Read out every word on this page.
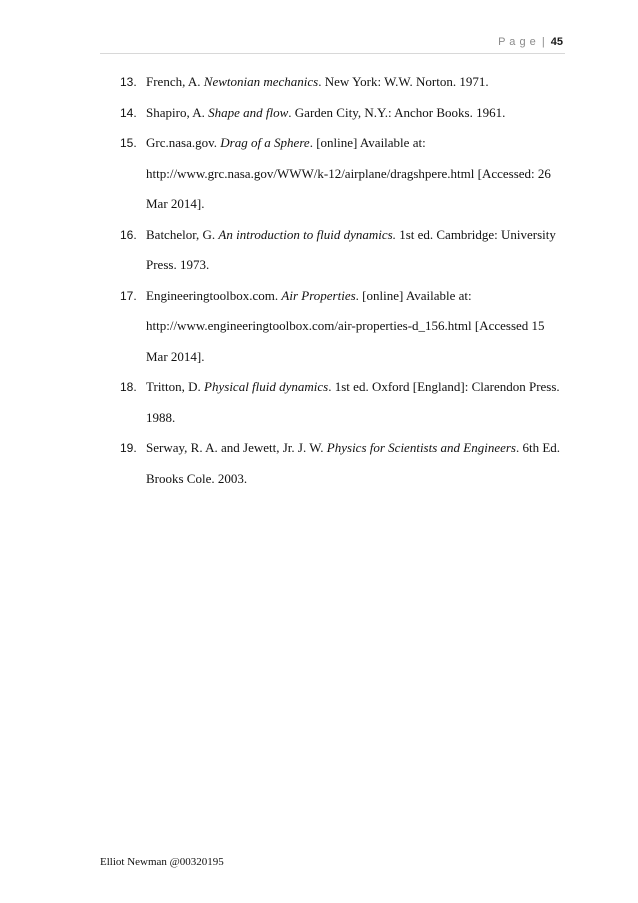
P a g e | 45
13. French, A. Newtonian mechanics. New York: W.W. Norton. 1971.
14. Shapiro, A. Shape and flow. Garden City, N.Y.: Anchor Books. 1961.
15. Grc.nasa.gov. Drag of a Sphere. [online] Available at:
http://www.grc.nasa.gov/WWW/k-12/airplane/dragshpere.html [Accessed: 26
Mar 2014].
16. Batchelor, G. An introduction to fluid dynamics. 1st ed. Cambridge: University
Press. 1973.
17. Engineeringtoolbox.com. Air Properties. [online] Available at:
http://www.engineeringtoolbox.com/air-properties-d_156.html [Accessed 15
Mar 2014].
18. Tritton, D. Physical fluid dynamics. 1st ed. Oxford [England]: Clarendon Press.
1988.
19. Serway, R. A. and Jewett, Jr. J. W. Physics for Scientists and Engineers. 6th Ed.
Brooks Cole. 2003.
Elliot Newman @00320195
